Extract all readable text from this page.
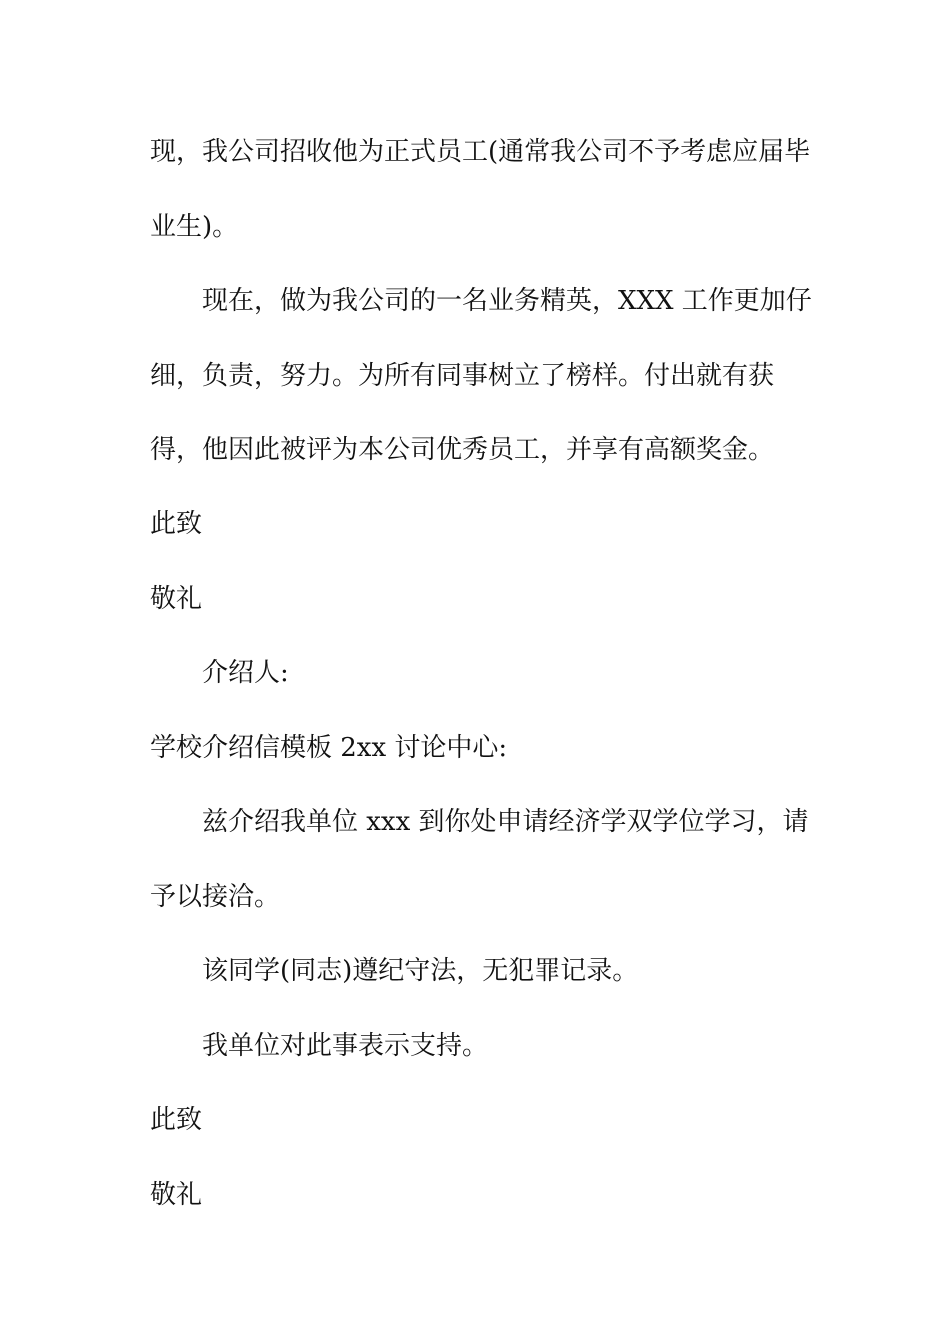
现，我公司招收他为正式员工(通常我公司不予考虑应届毕
业生)。
现在，做为我公司的一名业务精英，XXX 工作更加仔
细，负责，努力。为所有同事树立了榜样。付出就有获
得，他因此被评为本公司优秀员工，并享有高额奖金。
此致
敬礼
介绍人:
学校介绍信模板 2xx 讨论中心:
兹介绍我单位 xxx 到你处申请经济学双学位学习，请
予以接洽。
该同学(同志)遵纪守法，无犯罪记录。
我单位对此事表示支持。
此致
敬礼
